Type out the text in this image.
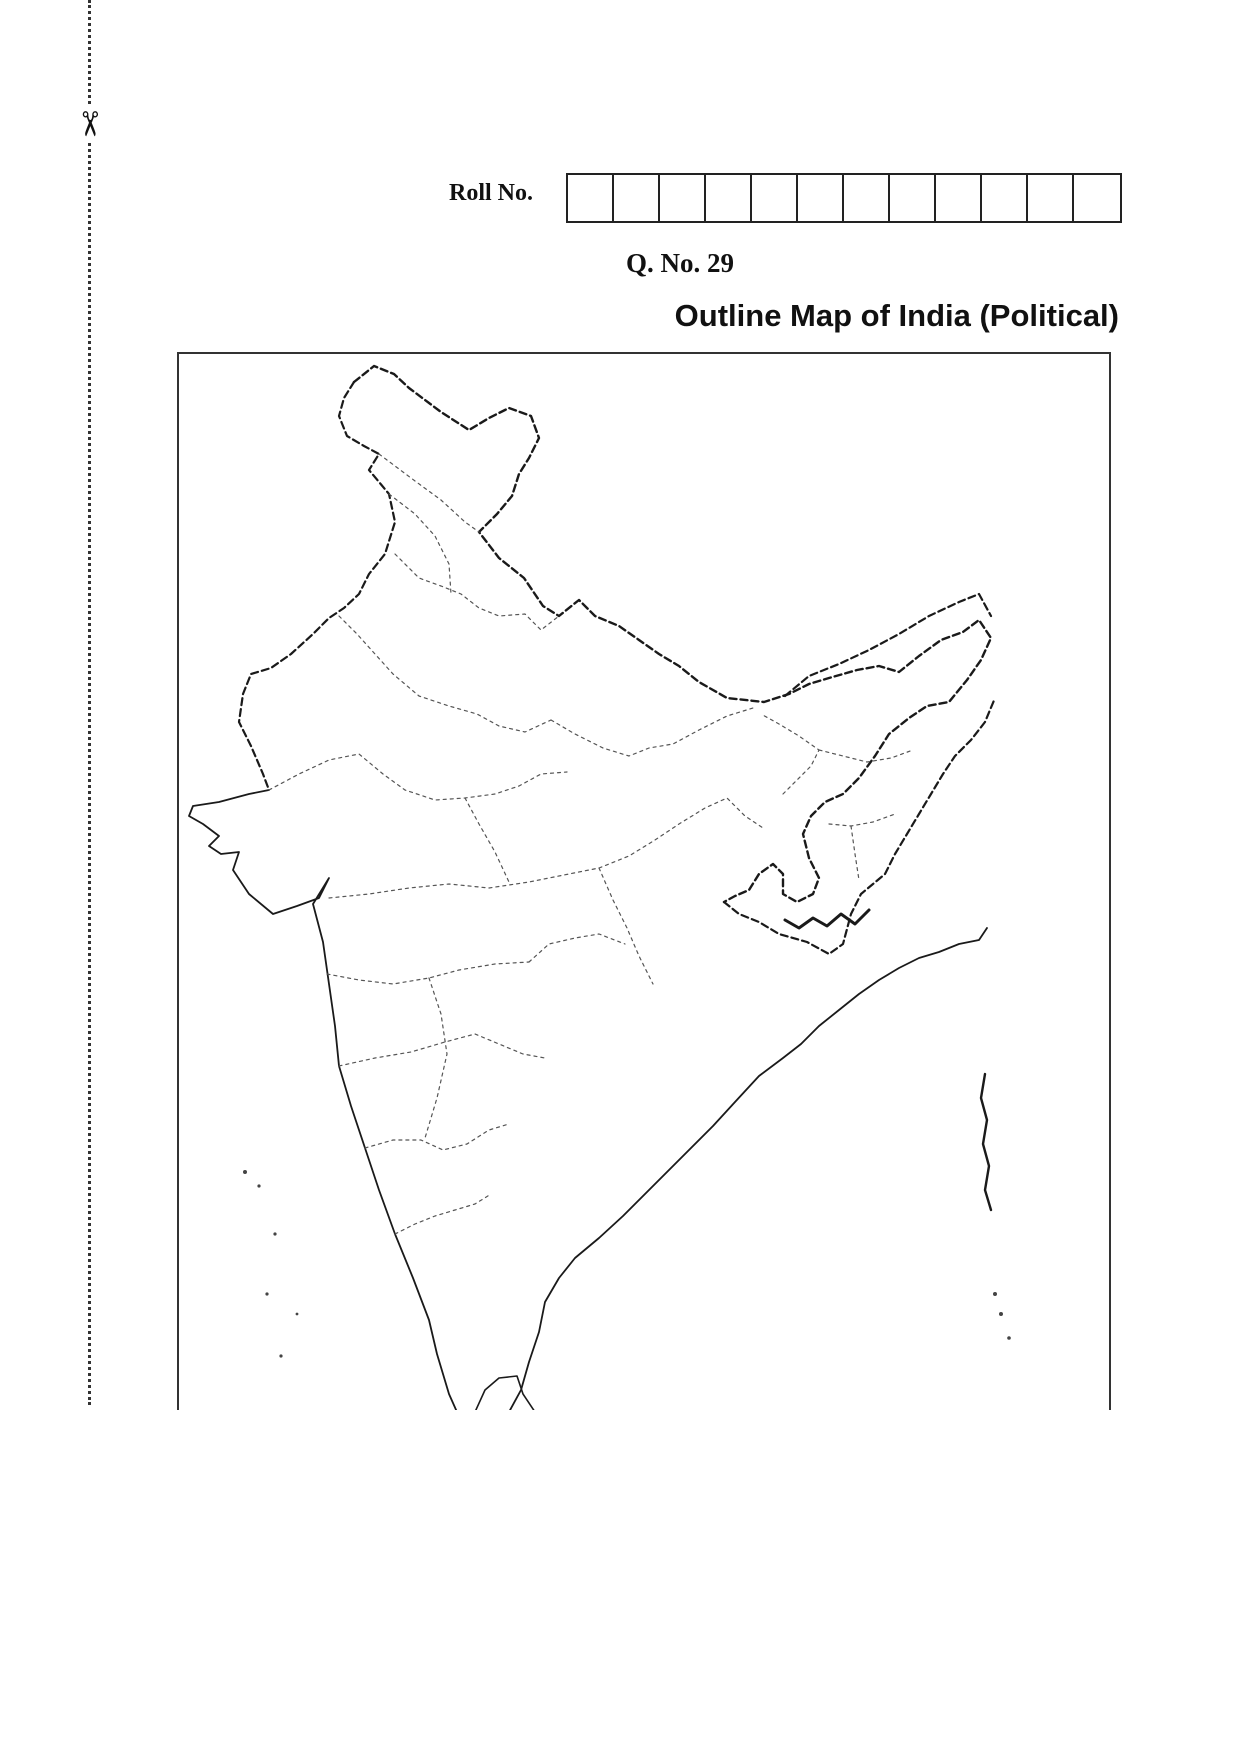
✂
Roll No.
Q. No. 29
Outline Map of India (Political)
